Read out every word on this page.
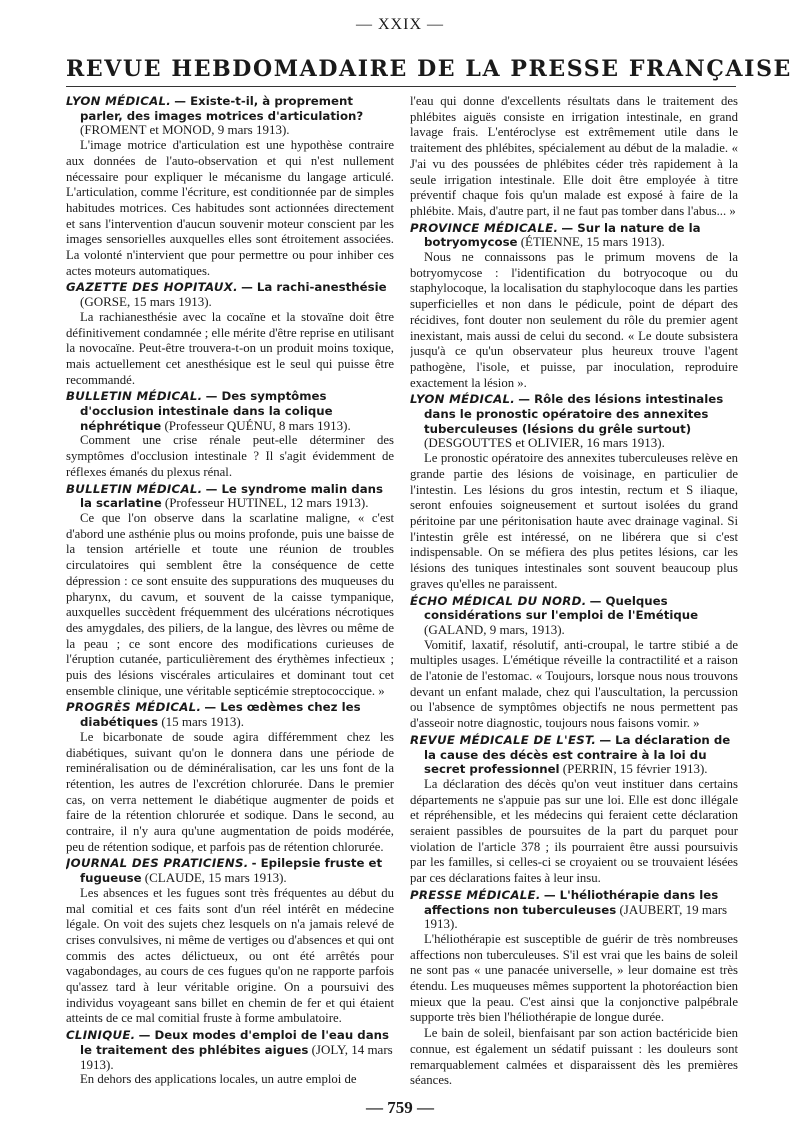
— XXIX —
REVUE HEBDOMADAIRE DE LA PRESSE FRANÇAISE
LYON MÉDICAL. — Existe-t-il, à proprement parler, des images motrices d'articulation? (FROMENT et MONOD, 9 mars 1913).
L'image motrice d'articulation est une hypothèse contraire aux données de l'auto-observation et qui n'est nullement nécessaire pour expliquer le mécanisme du langage articulé. L'articulation, comme l'écriture, est conditionnée par de simples habitudes motrices. Ces habitudes sont actionnées directement et sans l'intervention d'aucun souvenir moteur conscient par les images sensorielles auxquelles elles sont étroitement associées. La volonté n'intervient que pour permettre ou pour inhiber ces actes moteurs automatiques.
GAZETTE DES HOPITAUX. — La rachi-anesthésie (GORSE, 15 mars 1913).
La rachianesthésie avec la cocaïne et la stovaïne doit être définitivement condamnée ; elle mérite d'être reprise en utilisant la novocaïne. Peut-être trouvera-t-on un produit moins toxique, mais actuellement cet anesthésique est le seul qui puisse être recommandé.
BULLETIN MÉDICAL. — Des symptômes d'occlusion intestinale dans la colique néphrétique (Professeur QUÉNU, 8 mars 1913).
Comment une crise rénale peut-elle déterminer des symptômes d'occlusion intestinale ? Il s'agit évidemment de réflexes émanés du plexus rénal.
BULLETIN MÉDICAL. — Le syndrome malin dans la scarlatine (Professeur HUTINEL, 12 mars 1913).
Ce que l'on observe dans la scarlatine maligne, « c'est d'abord une asthénie plus ou moins profonde, puis une baisse de la tension artérielle et toute une réunion de troubles circulatoires qui semblent être la conséquence de cette dépression : ce sont ensuite des suppurations des muqueuses du pharynx, du cavum, et souvent de la caisse tympanique, auxquelles succèdent fréquemment des ulcérations nécrotiques des amygdales, des piliers, de la langue, des lèvres ou même de la peau ; ce sont encore des modifications curieuses de l'éruption cutanée, particulièrement des érythèmes infectieux ; puis des lésions viscérales articulaires et dominant tout cet ensemble clinique, une véritable septicémie streptococcique. »
PROGRÈS MÉDICAL. — Les œdèmes chez les diabétiques (15 mars 1913).
Le bicarbonate de soude agira différemment chez les diabétiques, suivant qu'on le donnera dans une période de reminéralisation ou de déminéralisation, car les uns font de la rétention, les autres de l'excrétion chlorurée. Dans le premier cas, on verra nettement le diabétique augmenter de poids et faire de la rétention chlorurée et sodique. Dans le second, au contraire, il n'y aura qu'une augmentation de poids modérée, peu de rétention sodique, et parfois pas de rétention chlorurée.
JOURNAL DES PRATICIENS. - Epilepsie fruste et fugueuse (CLAUDE, 15 mars 1913).
Les absences et les fugues sont très fréquentes au début du mal comitial et ces faits sont d'un réel intérêt en médecine légale. On voit des sujets chez lesquels on n'a jamais relevé de crises convulsives, ni même de vertiges ou d'absences et qui ont commis des actes délictueux, ou ont été arrêtés pour vagabondages, au cours de ces fugues qu'on ne rapporte parfois qu'assez tard à leur véritable origine. On a poursuivi des individus voyageant sans billet en chemin de fer et qui étaient atteints de ce mal comitial fruste à forme ambulatoire.
CLINIQUE. — Deux modes d'emploi de l'eau dans le traitement des phlébites aigues (JOLY, 14 mars 1913).
En dehors des applications locales, un autre emploi de
l'eau qui donne d'excellents résultats dans le traitement des phlébites aiguës consiste en irrigation intestinale, en grand lavage frais. L'entéroclyse est extrêmement utile dans le traitement des phlébites, spécialement au début de la maladie. « J'ai vu des poussées de phlébites céder très rapidement à la seule irrigation intestinale. Elle doit être employée à titre préventif chaque fois qu'un malade est exposé à faire de la phlébite. Mais, d'autre part, il ne faut pas tomber dans l'abus... »
PROVINCE MÉDICALE. — Sur la nature de la botryomycose (ÉTIENNE, 15 mars 1913).
Nous ne connaissons pas le primum movens de la botryomycose : l'identification du botryocoque ou du staphylocoque, la localisation du staphylocoque dans les parties superficielles et non dans le pédicule, point de départ des récidives, font douter non seulement du rôle du premier agent inexistant, mais aussi de celui du second. « Le doute subsistera jusqu'à ce qu'un observateur plus heureux trouve l'agent pathogène, l'isole, et puisse, par inoculation, reproduire exactement la lésion ».
LYON MÉDICAL. — Rôle des lésions intestinales dans le pronostic opératoire des annexites tuberculeuses (lésions du grêle surtout) (DESGOUTTES et OLIVIER, 16 mars 1913).
Le pronostic opératoire des annexites tuberculeuses relève en grande partie des lésions de voisinage, en particulier de l'intestin. Les lésions du gros intestin, rectum et S iliaque, seront enfouies soigneusement et surtout isolées du grand péritoine par une péritonisation haute avec drainage vaginal. Si l'intestin grêle est intéressé, on ne libérera que si c'est indispensable. On se méfiera des plus petites lésions, car les lésions des tuniques intestinales sont souvent beaucoup plus graves qu'elles ne paraissent.
ÉCHO MÉDICAL DU NORD. — Quelques considérations sur l'emploi de l'Emétique (GALAND, 9 mars, 1913).
Vomitif, laxatif, résolutif, anti-croupal, le tartre stibié a de multiples usages. L'émétique réveille la contractilité et a raison de l'atonie de l'estomac. « Toujours, lorsque nous nous trouvons devant un enfant malade, chez qui l'auscultation, la percussion ou l'absence de symptômes objectifs ne nous permettent pas d'asseoir notre diagnostic, toujours nous faisons vomir. »
REVUE MÉDICALE DE L'EST. — La déclaration de la cause des décès est contraire à la loi du secret professionnel (PERRIN, 15 février 1913).
La déclaration des décès qu'on veut instituer dans certains départements ne s'appuie pas sur une loi. Elle est donc illégale et répréhensible, et les médecins qui feraient cette déclaration seraient passibles de poursuites de la part du parquet pour violation de l'article 378 ; ils pourraient être aussi poursuivis par les familles, si celles-ci se croyaient ou se trouvaient lésées par ces déclarations faites à leur insu.
PRESSE MÉDICALE. — L'héliothérapie dans les affections non tuberculeuses (JAUBERT, 19 mars 1913).
L'héliothérapie est susceptible de guérir de très nombreuses affections non tuberculeuses. S'il est vrai que les bains de soleil ne sont pas « une panacée universelle, » leur domaine est très étendu. Les muqueuses mêmes supportent la photoréaction bien mieux que la peau. C'est ainsi que la conjonctive palpébrale supporte très bien l'héliothérapie de longue durée.
Le bain de soleil, bienfaisant par son action bactéricide bien connue, est également un sédatif puissant : les douleurs sont remarquablement calmées et disparaissent dès les premières séances.
— 759 —
